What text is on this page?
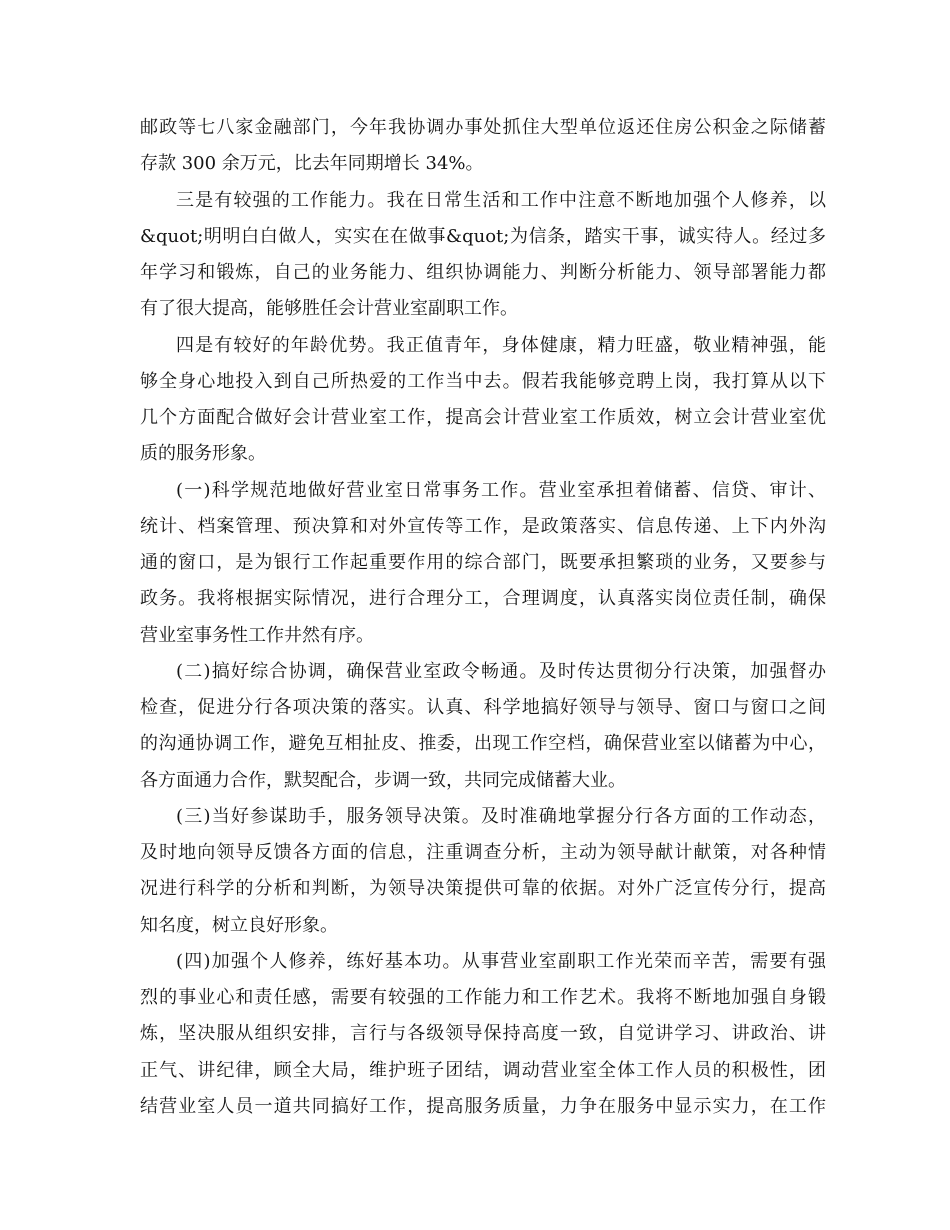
邮政等七八家金融部门，今年我协调办事处抓住大型单位返还住房公积金之际储蓄
存款 300 余万元，比去年同期增长 34%。
三是有较强的工作能力。我在日常生活和工作中注意不断地加强个人修养，以
&quot;明明白白做人，实实在在做事&quot;为信条，踏实干事，诚实待人。经过多
年学习和锻炼，自己的业务能力、组织协调能力、判断分析能力、领导部署能力都
有了很大提高，能够胜任会计营业室副职工作。
四是有较好的年龄优势。我正值青年，身体健康，精力旺盛，敬业精神强，能
够全身心地投入到自己所热爱的工作当中去。假若我能够竞聘上岗，我打算从以下
几个方面配合做好会计营业室工作，提高会计营业室工作质效，树立会计营业室优
质的服务形象。
(一)科学规范地做好营业室日常事务工作。营业室承担着储蓄、信贷、审计、
统计、档案管理、预决算和对外宣传等工作，是政策落实、信息传递、上下内外沟
通的窗口，是为银行工作起重要作用的综合部门，既要承担繁琐的业务，又要参与
政务。我将根据实际情况，进行合理分工，合理调度，认真落实岗位责任制，确保
营业室事务性工作井然有序。
(二)搞好综合协调，确保营业室政令畅通。及时传达贯彻分行决策，加强督办
检查，促进分行各项决策的落实。认真、科学地搞好领导与领导、窗口与窗口之间
的沟通协调工作，避免互相扯皮、推委，出现工作空档，确保营业室以储蓄为中心，
各方面通力合作，默契配合，步调一致，共同完成储蓄大业。
(三)当好参谋助手，服务领导决策。及时准确地掌握分行各方面的工作动态，
及时地向领导反馈各方面的信息，注重调查分析，主动为领导献计献策，对各种情
况进行科学的分析和判断，为领导决策提供可靠的依据。对外广泛宣传分行，提高
知名度，树立良好形象。
(四)加强个人修养，练好基本功。从事营业室副职工作光荣而辛苦，需要有强
烈的事业心和责任感，需要有较强的工作能力和工作艺术。我将不断地加强自身锻
炼，坚决服从组织安排，言行与各级领导保持高度一致，自觉讲学习、讲政治、讲
正气、讲纪律，顾全大局，维护班子团结，调动营业室全体工作人员的积极性，团
结营业室人员一道共同搞好工作，提高服务质量，力争在服务中显示实力，在工作
